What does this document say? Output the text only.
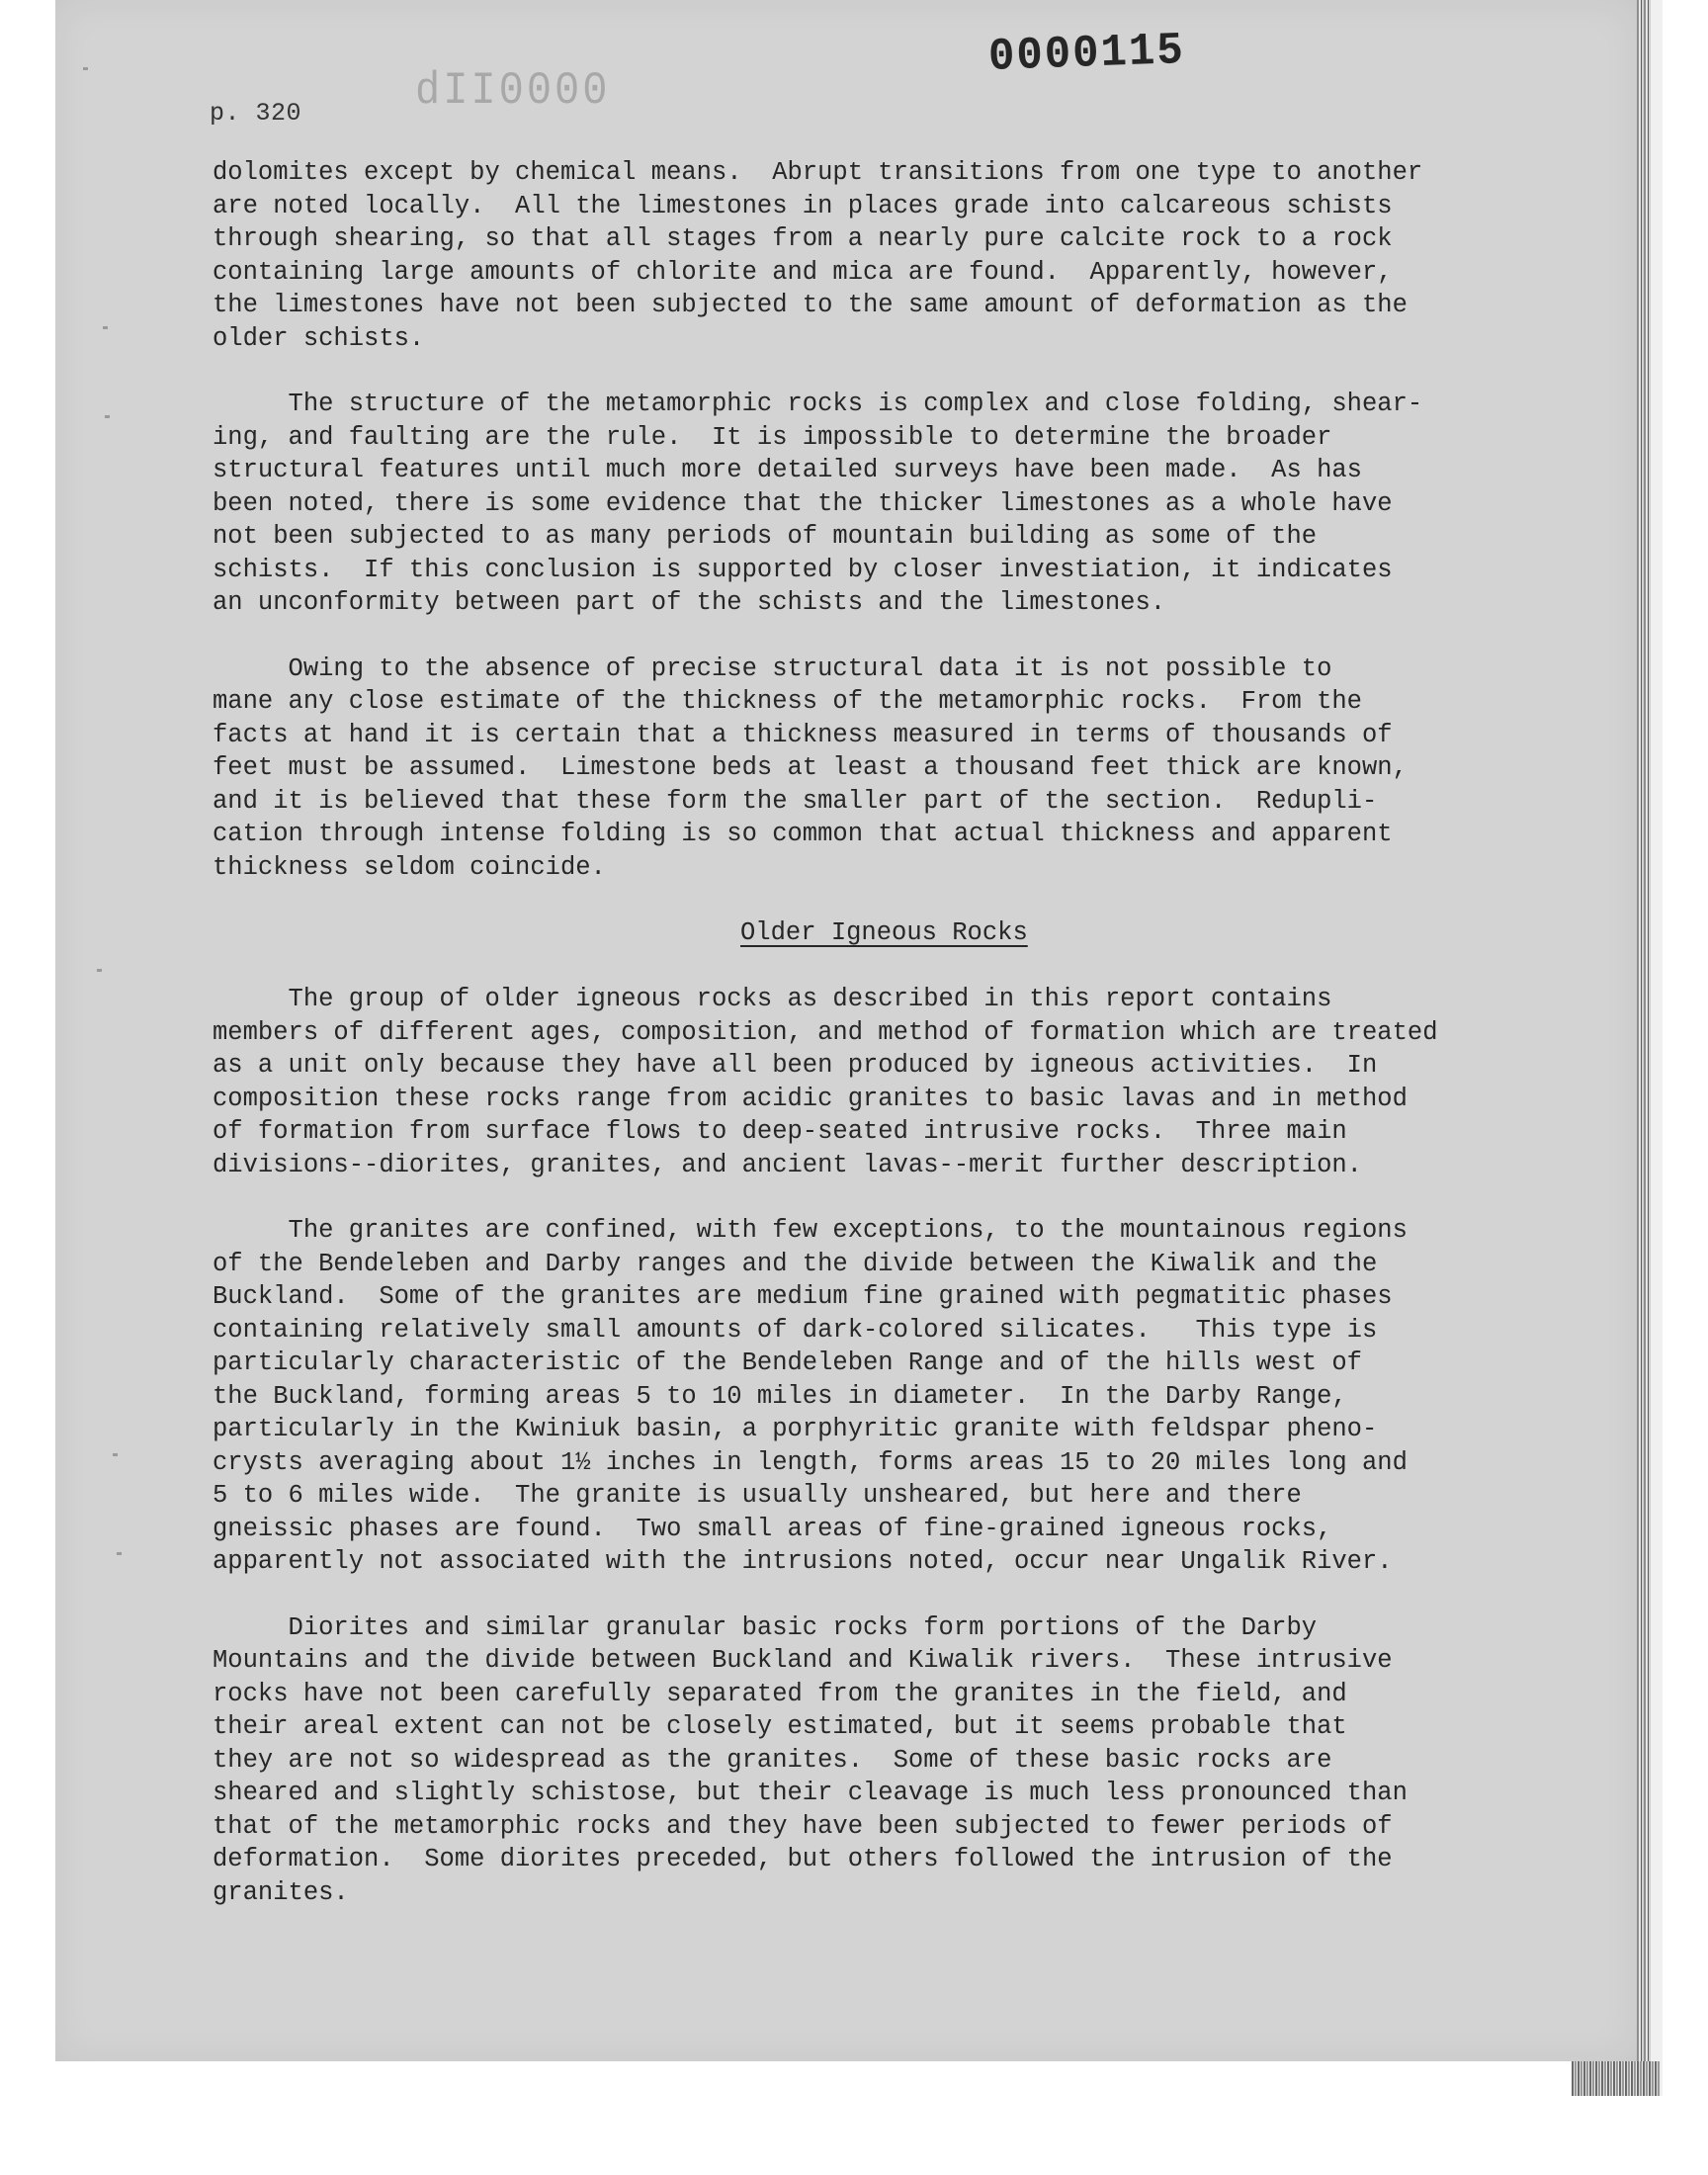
p. 320	dII0000
0000115
dolomites except by chemical means.  Abrupt transitions from one type to another
are noted locally.  All the limestones in places grade into calcareous schists
through shearing, so that all stages from a nearly pure calcite rock to a rock
containing large amounts of chlorite and mica are found.  Apparently, however,
the limestones have not been subjected to the same amount of deformation as the
older schists.
The structure of the metamorphic rocks is complex and close folding, shear-
ing, and faulting are the rule.  It is impossible to determine the broader
structural features until much more detailed surveys have been made.  As has
been noted, there is some evidence that the thicker limestones as a whole have
not been subjected to as many periods of mountain building as some of the
schists.  If this conclusion is supported by closer investiation, it indicates
an unconformity between part of the schists and the limestones.
Owing to the absence of precise structural data it is not possible to
mane any close estimate of the thickness of the metamorphic rocks.  From the
facts at hand it is certain that a thickness measured in terms of thousands of
feet must be assumed.  Limestone beds at least a thousand feet thick are known,
and it is believed that these form the smaller part of the section.  Redupli-
cation through intense folding is so common that actual thickness and apparent
thickness seldom coincide.
Older Igneous Rocks
The group of older igneous rocks as described in this report contains
members of different ages, composition, and method of formation which are treated
as a unit only because they have all been produced by igneous activities.  In
composition these rocks range from acidic granites to basic lavas and in method
of formation from surface flows to deep-seated intrusive rocks.  Three main
divisions--diorites, granites, and ancient lavas--merit further description.
The granites are confined, with few exceptions, to the mountainous regions
of the Bendeleben and Darby ranges and the divide between the Kiwalik and the
Buckland.  Some of the granites are medium fine grained with pegmatitic phases
containing relatively small amounts of dark-colored silicates.   This type is
particularly characteristic of the Bendeleben Range and of the hills west of
the Buckland, forming areas 5 to 10 miles in diameter.  In the Darby Range,
particularly in the Kwiniuk basin, a porphyritic granite with feldspar pheno-
crysts averaging about 1½ inches in length, forms areas 15 to 20 miles long and
5 to 6 miles wide.  The granite is usually unsheared, but here and there
gneissic phases are found.  Two small areas of fine-grained igneous rocks,
apparently not associated with the intrusions noted, occur near Ungalik River.
Diorites and similar granular basic rocks form portions of the Darby
Mountains and the divide between Buckland and Kiwalik rivers.  These intrusive
rocks have not been carefully separated from the granites in the field, and
their areal extent can not be closely estimated, but it seems probable that
they are not so widespread as the granites.  Some of these basic rocks are
sheared and slightly schistose, but their cleavage is much less pronounced than
that of the metamorphic rocks and they have been subjected to fewer periods of
deformation.  Some diorites preceded, but others followed the intrusion of the
granites.
